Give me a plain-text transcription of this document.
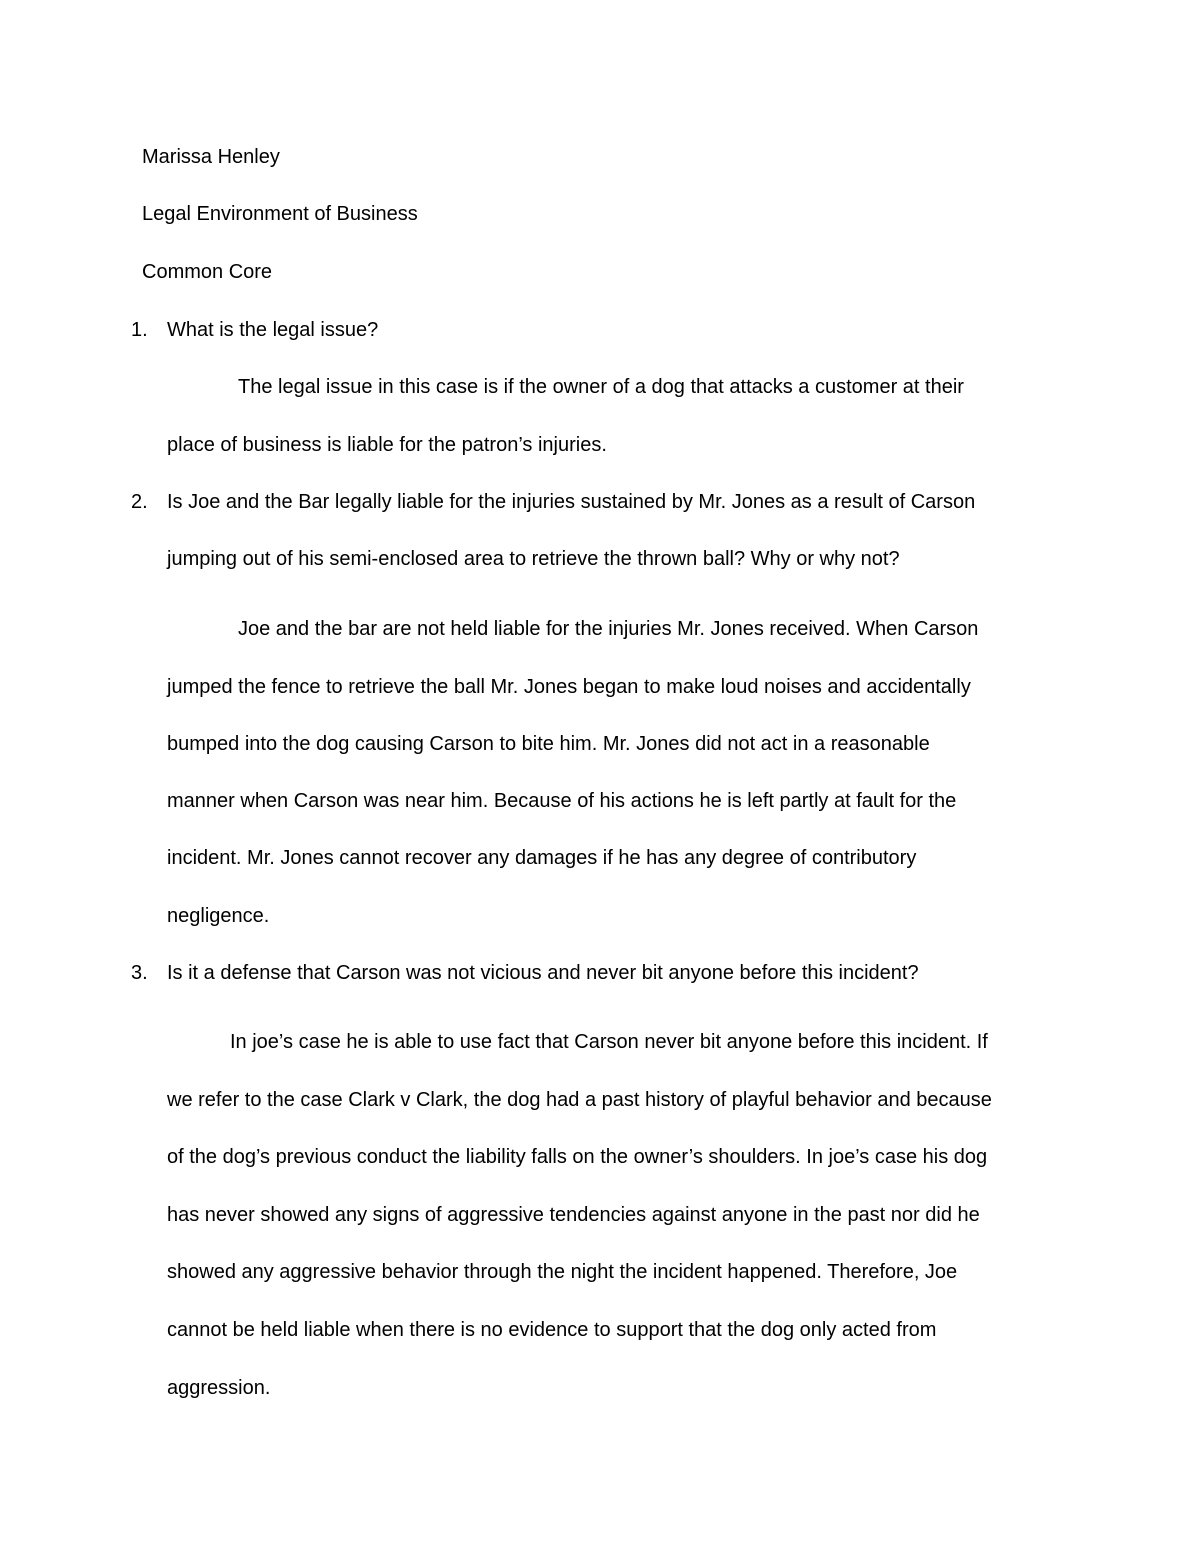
Marissa Henley
Legal Environment of Business
Common Core
1. What is the legal issue?
The legal issue in this case is if the owner of a dog that attacks a customer at their
place of business is liable for the patron’s injuries.
2. Is Joe and the Bar legally liable for the injuries sustained by Mr. Jones as a result of Carson
jumping out of his semi-enclosed area to retrieve the thrown ball? Why or why not?
Joe and the bar are not held liable for the injuries Mr. Jones received. When Carson
jumped the fence to retrieve the ball Mr. Jones began to make loud noises and accidentally
bumped into the dog causing Carson to bite him. Mr. Jones did not act in a reasonable
manner when Carson was near him. Because of his actions he is left partly at fault for the
incident. Mr. Jones cannot recover any damages if he has any degree of contributory
negligence.
3. Is it a defense that Carson was not vicious and never bit anyone before this incident?
In joe’s case he is able to use fact that Carson never bit anyone before this incident. If
we refer to the case Clark v Clark, the dog had a past history of playful behavior and because
of the dog’s previous conduct the liability falls on the owner’s shoulders. In joe’s case his dog
has never showed any signs of aggressive tendencies against anyone in the past nor did he
showed any aggressive behavior through the night the incident happened. Therefore, Joe
cannot be held liable when there is no evidence to support that the dog only acted from
aggression.
